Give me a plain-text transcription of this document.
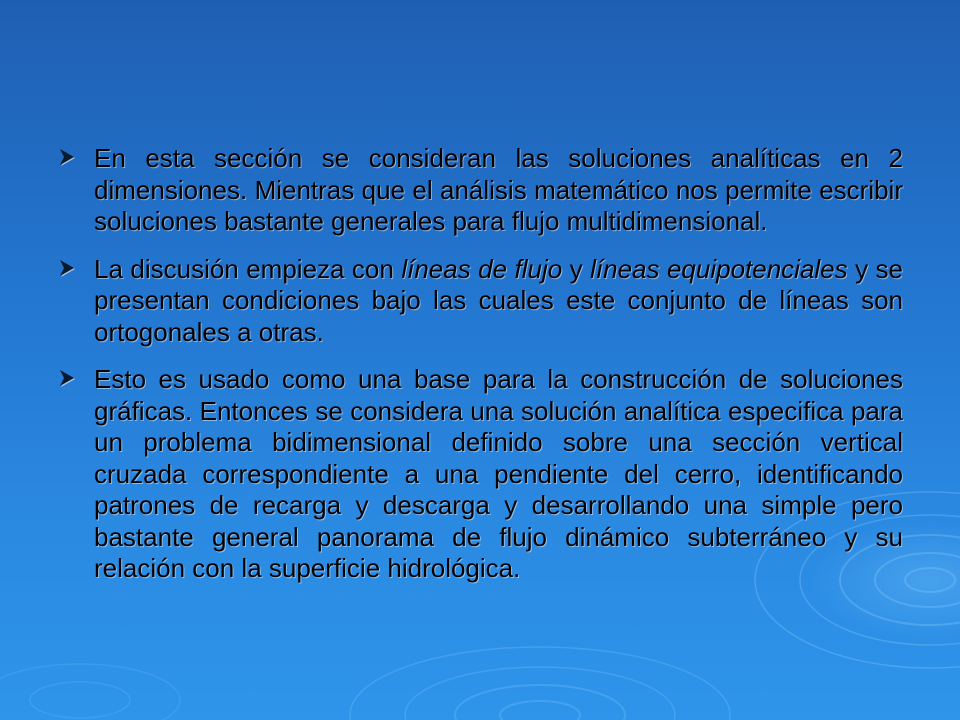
En esta sección se consideran las soluciones analíticas en 2 dimensiones. Mientras que el análisis matemático nos permite escribir soluciones bastante generales para flujo multidimensional.
La discusión empieza con líneas de flujo y líneas equipotenciales y se presentan condiciones bajo las cuales este conjunto de líneas son ortogonales a otras.
Esto es usado como una base para la construcción de soluciones gráficas. Entonces se considera una solución analítica especifica para un problema bidimensional definido sobre una sección vertical cruzada correspondiente a una pendiente del cerro, identificando patrones de recarga y descarga y desarrollando una simple pero bastante general panorama de flujo dinámico subterráneo y su relación con la superficie hidrológica.
